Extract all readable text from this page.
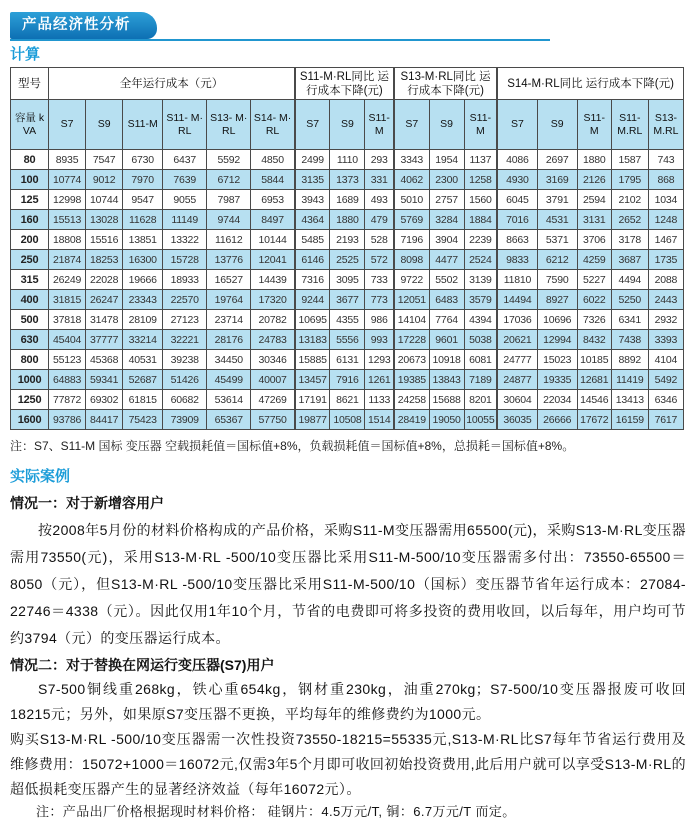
产品经济性分析
计算
型号	全年运行成本（元）						S11-M·RL同比 运行成本下降(元)			S13-M·RL同比 运行成本下降(元)			S14-M·RL同比 运行成本下降(元)				
容量 kVA	S7	S9	S11-M	S11- M·RL	S13- M·RL	S14- M·RL	S7	S9	S11- M	S7	S9	S11-M	S7	S9	S11- M	S11- M.RL	S13- M.RL
80	8935	7547	6730	6437	5592	4850	2499	1110	293	3343	1954	1137	4086	2697	1880	1587	743
100	10774	9012	7970	7639	6712	5844	3135	1373	331	4062	2300	1258	4930	3169	2126	1795	868
125	12998	10744	9547	9055	7987	6953	3943	1689	493	5010	2757	1560	6045	3791	2594	2102	1034
160	15513	13028	11628	11149	9744	8497	4364	1880	479	5769	3284	1884	7016	4531	3131	2652	1248
200	18808	15516	13851	13322	11612	10144	5485	2193	528	7196	3904	2239	8663	5371	3706	3178	1467
250	21874	18253	16300	15728	13776	12041	6146	2525	572	8098	4477	2524	9833	6212	4259	3687	1735
315	26249	22028	19666	18933	16527	14439	7316	3095	733	9722	5502	3139	11810	7590	5227	4494	2088
400	31815	26247	23343	22570	19764	17320	9244	3677	773	12051	6483	3579	14494	8927	6022	5250	2443
500	37818	31478	28109	27123	23714	20782	10695	4355	986	14104	7764	4394	17036	10696	7326	6341	2932
630	45404	37777	33214	32221	28176	24783	13183	5556	993	17228	9601	5038	20621	12994	8432	7438	3393
800	55123	45368	40531	39238	34450	30346	15885	6131	1293	20673	10918	6081	24777	15023	10185	8892	4104
1000	64883	59341	52687	51426	45499	40007	13457	7916	1261	19385	13843	7189	24877	19335	12681	11419	5492
1250	77872	69302	61815	60682	53614	47269	17191	8621	1133	24258	15688	8201	30604	22034	14546	13413	6346
1600	93786	84417	75423	73909	65367	57750	19877	10508	1514	28419	19050	10055	36035	26666	17672	16159	7617
注：S7、S11-M 国标 变压器 空载损耗值＝国标值+8%，负载损耗值＝国标值+8%，总损耗＝国标值+8%。
实际案例
情况一：对于新增容用户

按2008年5月份的材料价格构成的产品价格，采购S11-M变压器需用65500(元)，采购S13-M·RL变压器需用73550(元)，采用S13-M·RL -500/10变压器比采用S11-M-500/10变压器需多付出：73550-65500＝8050（元），但S13-M·RL -500/10变压器比采用S11-M-500/10（国标）变压器节省年运行成本：27084-22746＝4338（元）。因此仅用1年10个月，节省的电费即可将多投资的费用收回，以后每年，用户均可节约3794（元）的变压器运行成本。

情况二：对于替换在网运行变压器(S7)用户

S7-500铜线重268kg，铁心重654kg，钢材重230kg，油重270kg；S7-500/10变压器报废可收回18215元；另外，如果原S7变压器不更换，平均每年的维修费约为1000元。

购买S13-M·RL -500/10变压器需一次性投资73550-18215=55335元,S13-M·RL比S7每年节省运行费用及维修费用：15072+1000＝16072元,仅需3年5个月即可收回初始投资费用,此后用户就可以享受S13-M·RL的超低损耗变压器产生的显著经济效益（每年16072元）。

注：产品出厂价格根据现时材料价格： 硅钢片：4.5万元/T, 铜：6.7万元/T 而定。
